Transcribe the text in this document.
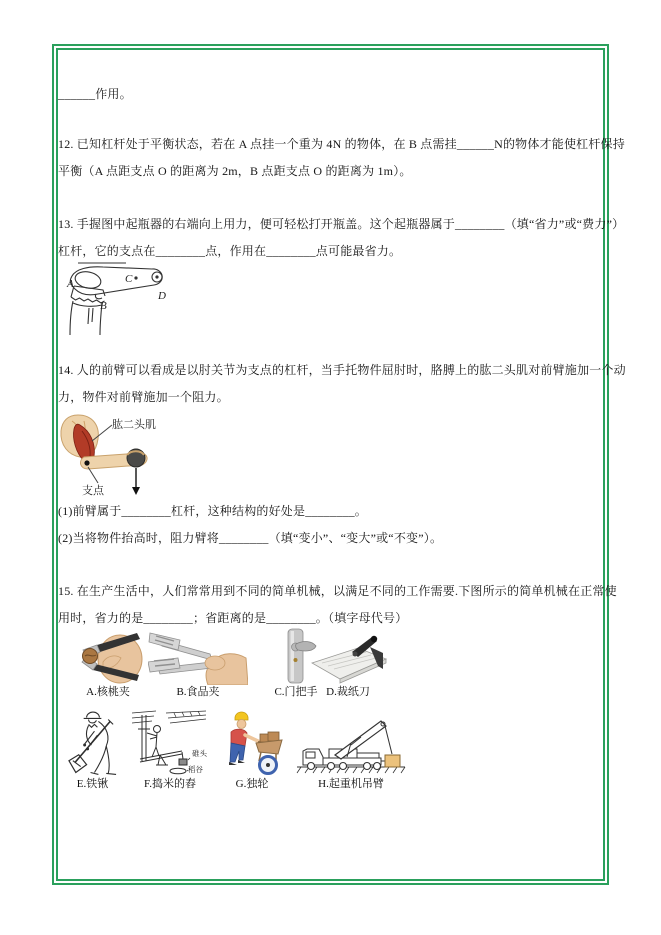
______作用。
12. 已知杠杆处于平衡状态，若在 A 点挂一个重为 4N 的物体，在 B 点需挂______N的物体才能使杠杆保持
平衡（A 点距支点 O 的距离为 2m，B 点距支点 O 的距离为 1m）。
13. 手握图中起瓶器的右端向上用力，便可轻松打开瓶盖。这个起瓶器属于________（填“省力”或“费力”）
杠杆，它的支点在________点，作用在________点可能最省力。
A
B
C
D
14. 人的前臂可以看成是以肘关节为支点的杠杆，当手托物件屈肘时，胳膊上的肱二头肌对前臂施加一个动
力，物件对前臂施加一个阻力。
肱二头肌
支点
(1)前臂属于________杠杆，这种结构的好处是________。
(2)当将物件抬高时，阻力臂将________（填“变小”、“变大”或“不变”）。
15. 在生产生活中，人们常常用到不同的简单机械，以满足不同的工作需要.下图所示的简单机械在正常使
用时，省力的是________；省距离的是________。（填字母代号）
A.核桃夹	B.食品夹	C.门把手 D.裁纸刀
E.铁锹
碓头
稻谷
F.捣米的舂	G.独轮	H.起重机吊臂
